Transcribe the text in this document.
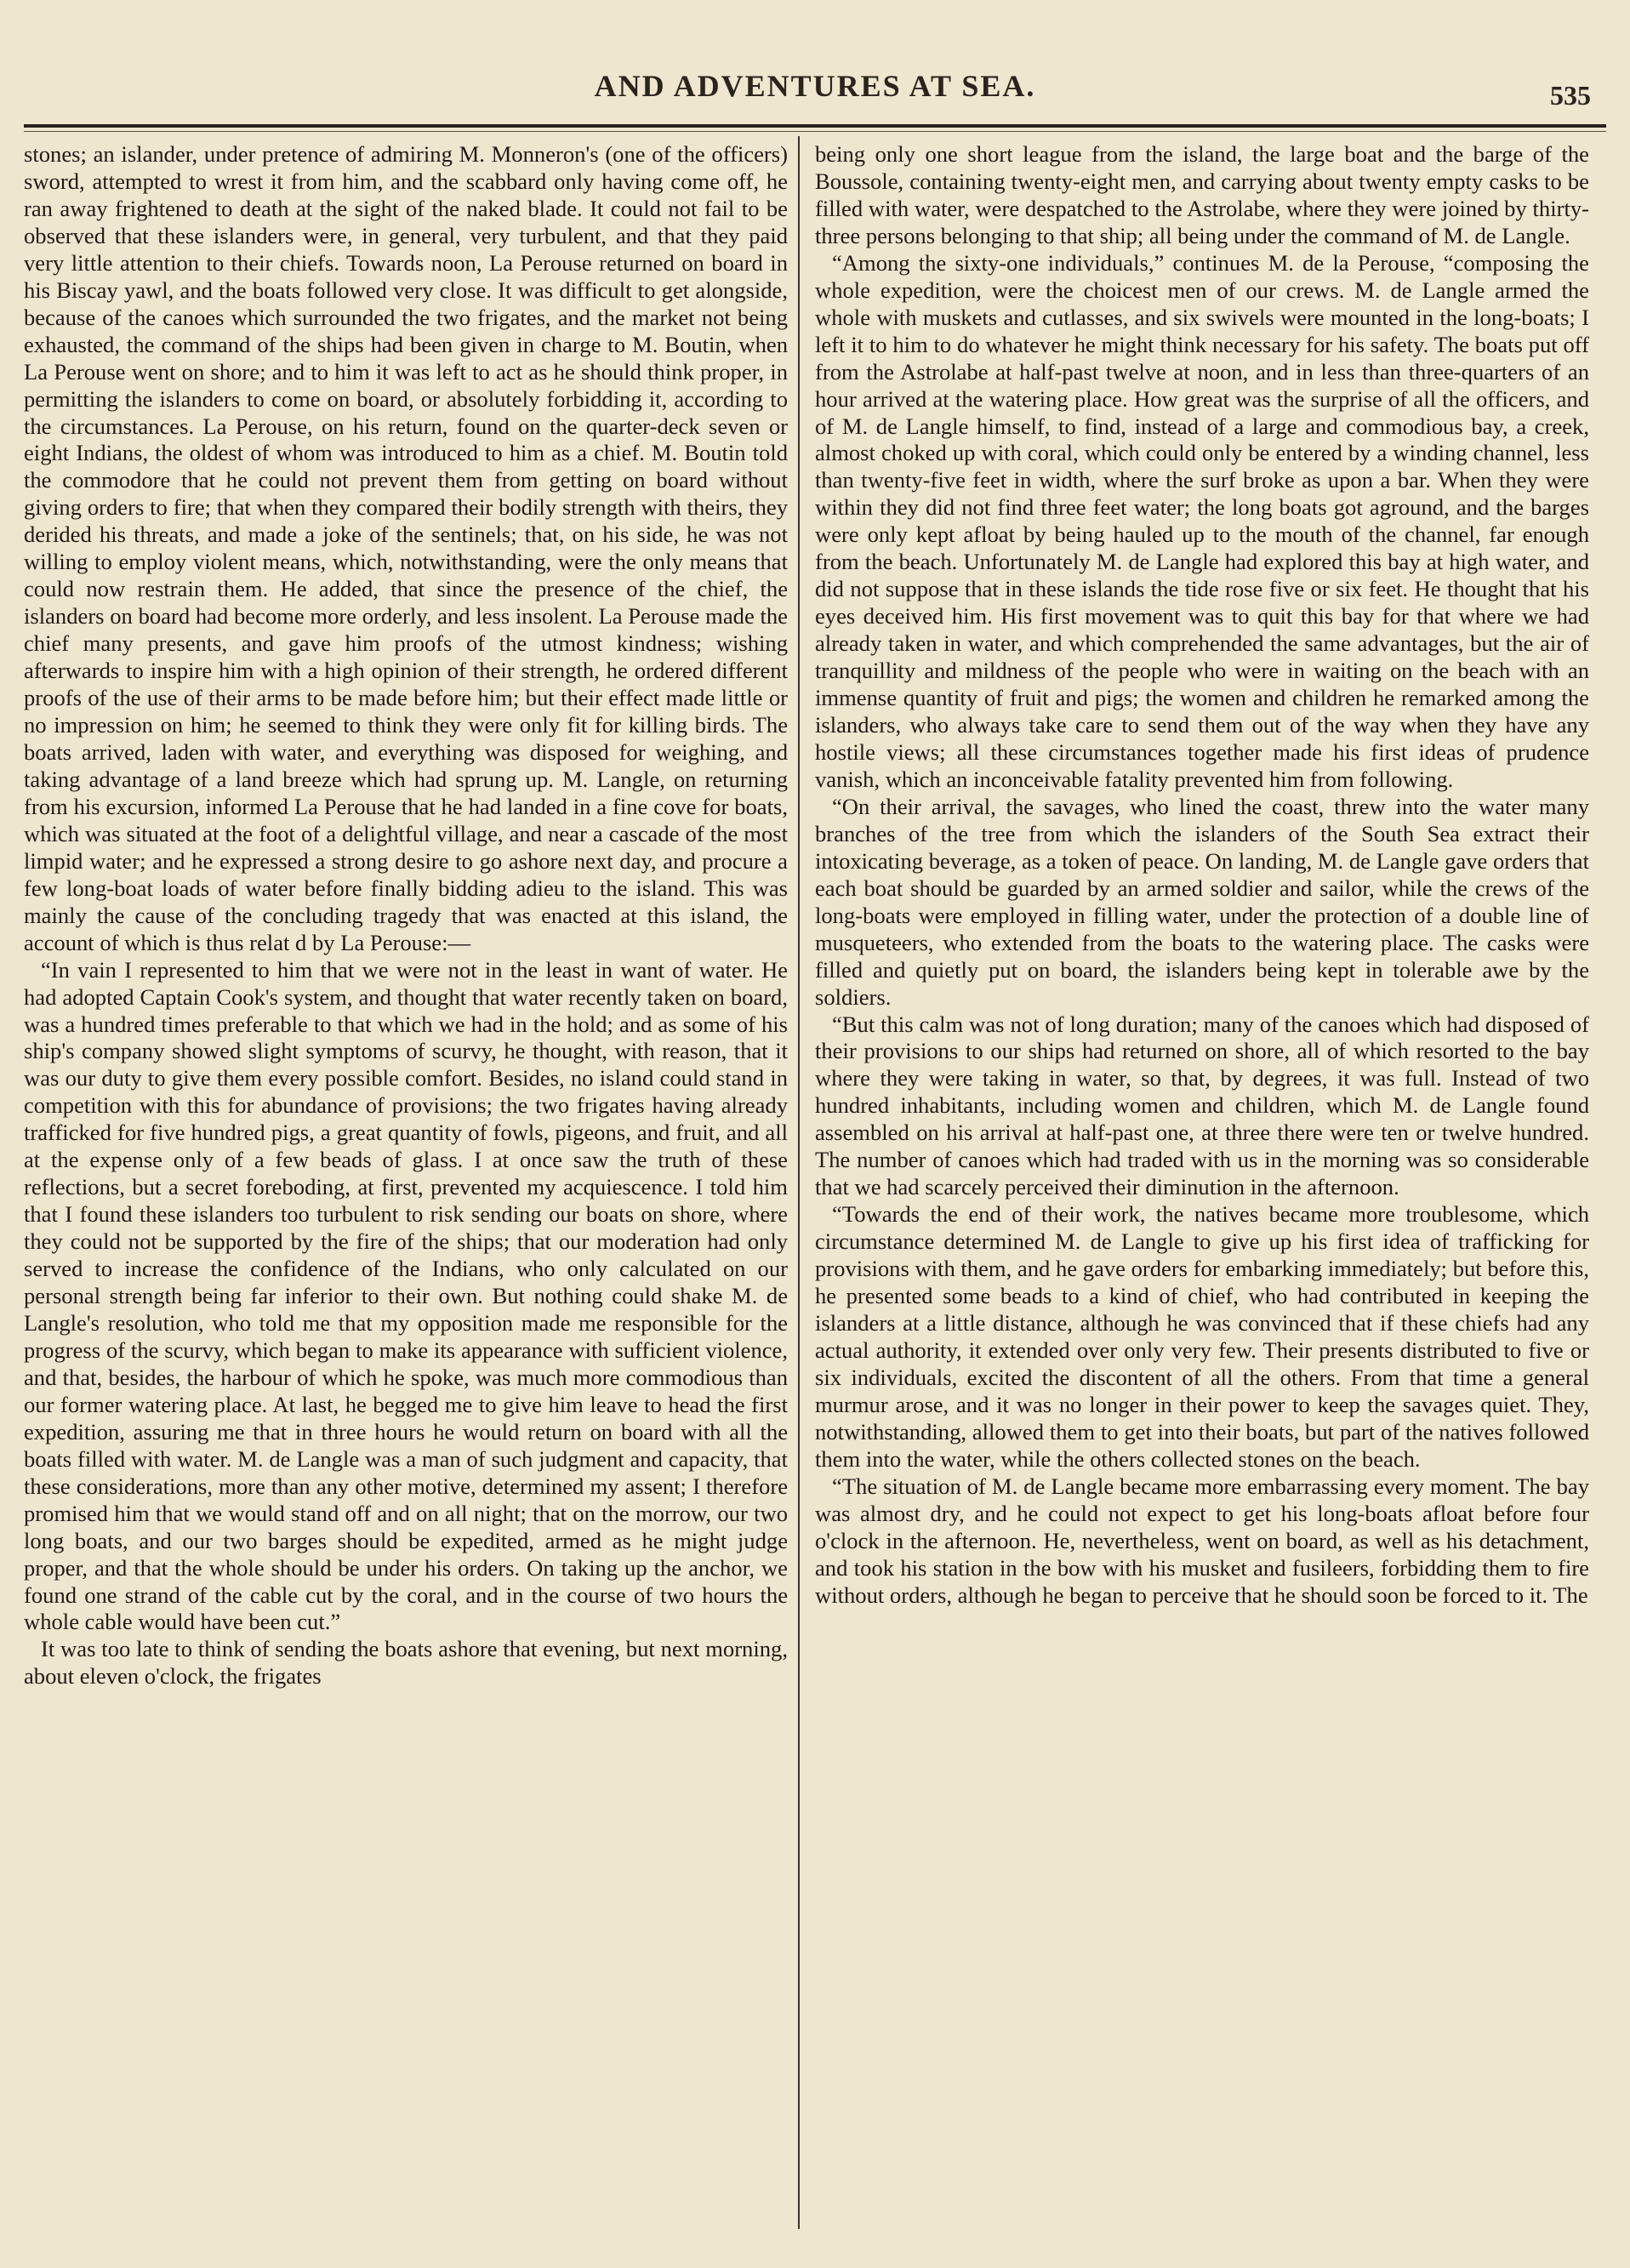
AND ADVENTURES AT SEA.	535

stones; an islander, under pretence of admiring M. Monneron's (one of the officers) sword, attempted to wrest it from him, and the scabbard only having come off, he ran away frightened to death at the sight of the naked blade. It could not fail to be observed that these islanders were, in general, very turbulent, and that they paid very little attention to their chiefs. Towards noon, La Perouse returned on board in his Biscay yawl, and the boats followed very close. It was difficult to get alongside, because of the canoes which surrounded the two frigates, and the market not being exhausted, the command of the ships had been given in charge to M. Boutin, when La Perouse went on shore; and to him it was left to act as he should think proper, in permitting the islanders to come on board, or absolutely forbidding it, according to the circumstances. La Perouse, on his return, found on the quarter-deck seven or eight Indians, the oldest of whom was introduced to him as a chief. M. Boutin told the commodore that he could not prevent them from getting on board without giving orders to fire; that when they compared their bodily strength with theirs, they derided his threats, and made a joke of the sentinels; that, on his side, he was not willing to employ violent means, which, notwithstanding, were the only means that could now restrain them. He added, that since the presence of the chief, the islanders on board had become more orderly, and less insolent. La Perouse made the chief many presents, and gave him proofs of the utmost kindness; wishing afterwards to inspire him with a high opinion of their strength, he ordered different proofs of the use of their arms to be made before him; but their effect made little or no impression on him; he seemed to think they were only fit for killing birds. The boats arrived, laden with water, and everything was disposed for weighing, and taking advantage of a land breeze which had sprung up. M. Langle, on returning from his excursion, informed La Perouse that he had landed in a fine cove for boats, which was situated at the foot of a delightful village, and near a cascade of the most limpid water; and he expressed a strong desire to go ashore next day, and procure a few long-boat loads of water before finally bidding adieu to the island. This was mainly the cause of the concluding tragedy that was enacted at this island, the account of which is thus relat d by La Perouse:—

“In vain I represented to him that we were not in the least in want of water. He had adopted Captain Cook's system, and thought that water recently taken on board, was a hundred times preferable to that which we had in the hold; and as some of his ship's company showed slight symptoms of scurvy, he thought, with reason, that it was our duty to give them every possible comfort. Besides, no island could stand in competition with this for abundance of provisions; the two frigates having already trafficked for five hundred pigs, a great quantity of fowls, pigeons, and fruit, and all at the expense only of a few beads of glass. I at once saw the truth of these reflections, but a secret foreboding, at first, prevented my acquiescence. I told him that I found these islanders too turbulent to risk sending our boats on shore, where they could not be supported by the fire of the ships; that our moderation had only served to increase the confidence of the Indians, who only calculated on our personal strength being far inferior to their own. But nothing could shake M. de Langle's resolution, who told me that my opposition made me responsible for the progress of the scurvy, which began to make its appearance with sufficient violence, and that, besides, the harbour of which he spoke, was much more commodious than our former watering place. At last, he begged me to give him leave to head the first expedition, assuring me that in three hours he would return on board with all the boats filled with water. M. de Langle was a man of such judgment and capacity, that these considerations, more than any other motive, determined my assent; I therefore promised him that we would stand off and on all night; that on the morrow, our two long boats, and our two barges should be expedited, armed as he might judge proper, and that the whole should be under his orders. On taking up the anchor, we found one strand of the cable cut by the coral, and in the course of two hours the whole cable would have been cut.”

It was too late to think of sending the boats ashore that evening, but next morning, about eleven o'clock, the frigates

being only one short league from the island, the large boat and the barge of the Boussole, containing twenty-eight men, and carrying about twenty empty casks to be filled with water, were despatched to the Astrolabe, where they were joined by thirty-three persons belonging to that ship; all being under the command of M. de Langle.

“Among the sixty-one individuals,” continues M. de la Perouse, “composing the whole expedition, were the choicest men of our crews. M. de Langle armed the whole with muskets and cutlasses, and six swivels were mounted in the long-boats; I left it to him to do whatever he might think necessary for his safety. The boats put off from the Astrolabe at half-past twelve at noon, and in less than three-quarters of an hour arrived at the watering place. How great was the surprise of all the officers, and of M. de Langle himself, to find, instead of a large and commodious bay, a creek, almost choked up with coral, which could only be entered by a winding channel, less than twenty-five feet in width, where the surf broke as upon a bar. When they were within they did not find three feet water; the long boats got aground, and the barges were only kept afloat by being hauled up to the mouth of the channel, far enough from the beach. Unfortunately M. de Langle had explored this bay at high water, and did not suppose that in these islands the tide rose five or six feet. He thought that his eyes deceived him. His first movement was to quit this bay for that where we had already taken in water, and which comprehended the same advantages, but the air of tranquillity and mildness of the people who were in waiting on the beach with an immense quantity of fruit and pigs; the women and children he remarked among the islanders, who always take care to send them out of the way when they have any hostile views; all these circumstances together made his first ideas of prudence vanish, which an inconceivable fatality prevented him from following.

“On their arrival, the savages, who lined the coast, threw into the water many branches of the tree from which the islanders of the South Sea extract their intoxicating beverage, as a token of peace. On landing, M. de Langle gave orders that each boat should be guarded by an armed soldier and sailor, while the crews of the long-boats were employed in filling water, under the protection of a double line of musqueteers, who extended from the boats to the watering place. The casks were filled and quietly put on board, the islanders being kept in tolerable awe by the soldiers.

“But this calm was not of long duration; many of the canoes which had disposed of their provisions to our ships had returned on shore, all of which resorted to the bay where they were taking in water, so that, by degrees, it was full. Instead of two hundred inhabitants, including women and children, which M. de Langle found assembled on his arrival at half-past one, at three there were ten or twelve hundred. The number of canoes which had traded with us in the morning was so considerable that we had scarcely perceived their diminution in the afternoon.

“Towards the end of their work, the natives became more troublesome, which circumstance determined M. de Langle to give up his first idea of trafficking for provisions with them, and he gave orders for embarking immediately; but before this, he presented some beads to a kind of chief, who had contributed in keeping the islanders at a little distance, although he was convinced that if these chiefs had any actual authority, it extended over only very few. Their presents distributed to five or six individuals, excited the discontent of all the others. From that time a general murmur arose, and it was no longer in their power to keep the savages quiet. They, notwithstanding, allowed them to get into their boats, but part of the natives followed them into the water, while the others collected stones on the beach.

“The situation of M. de Langle became more embarrassing every moment. The bay was almost dry, and he could not expect to get his long-boats afloat before four o'clock in the afternoon. He, nevertheless, went on board, as well as his detachment, and took his station in the bow with his musket and fusileers, forbidding them to fire without orders, although he began to perceive that he should soon be forced to it. The
